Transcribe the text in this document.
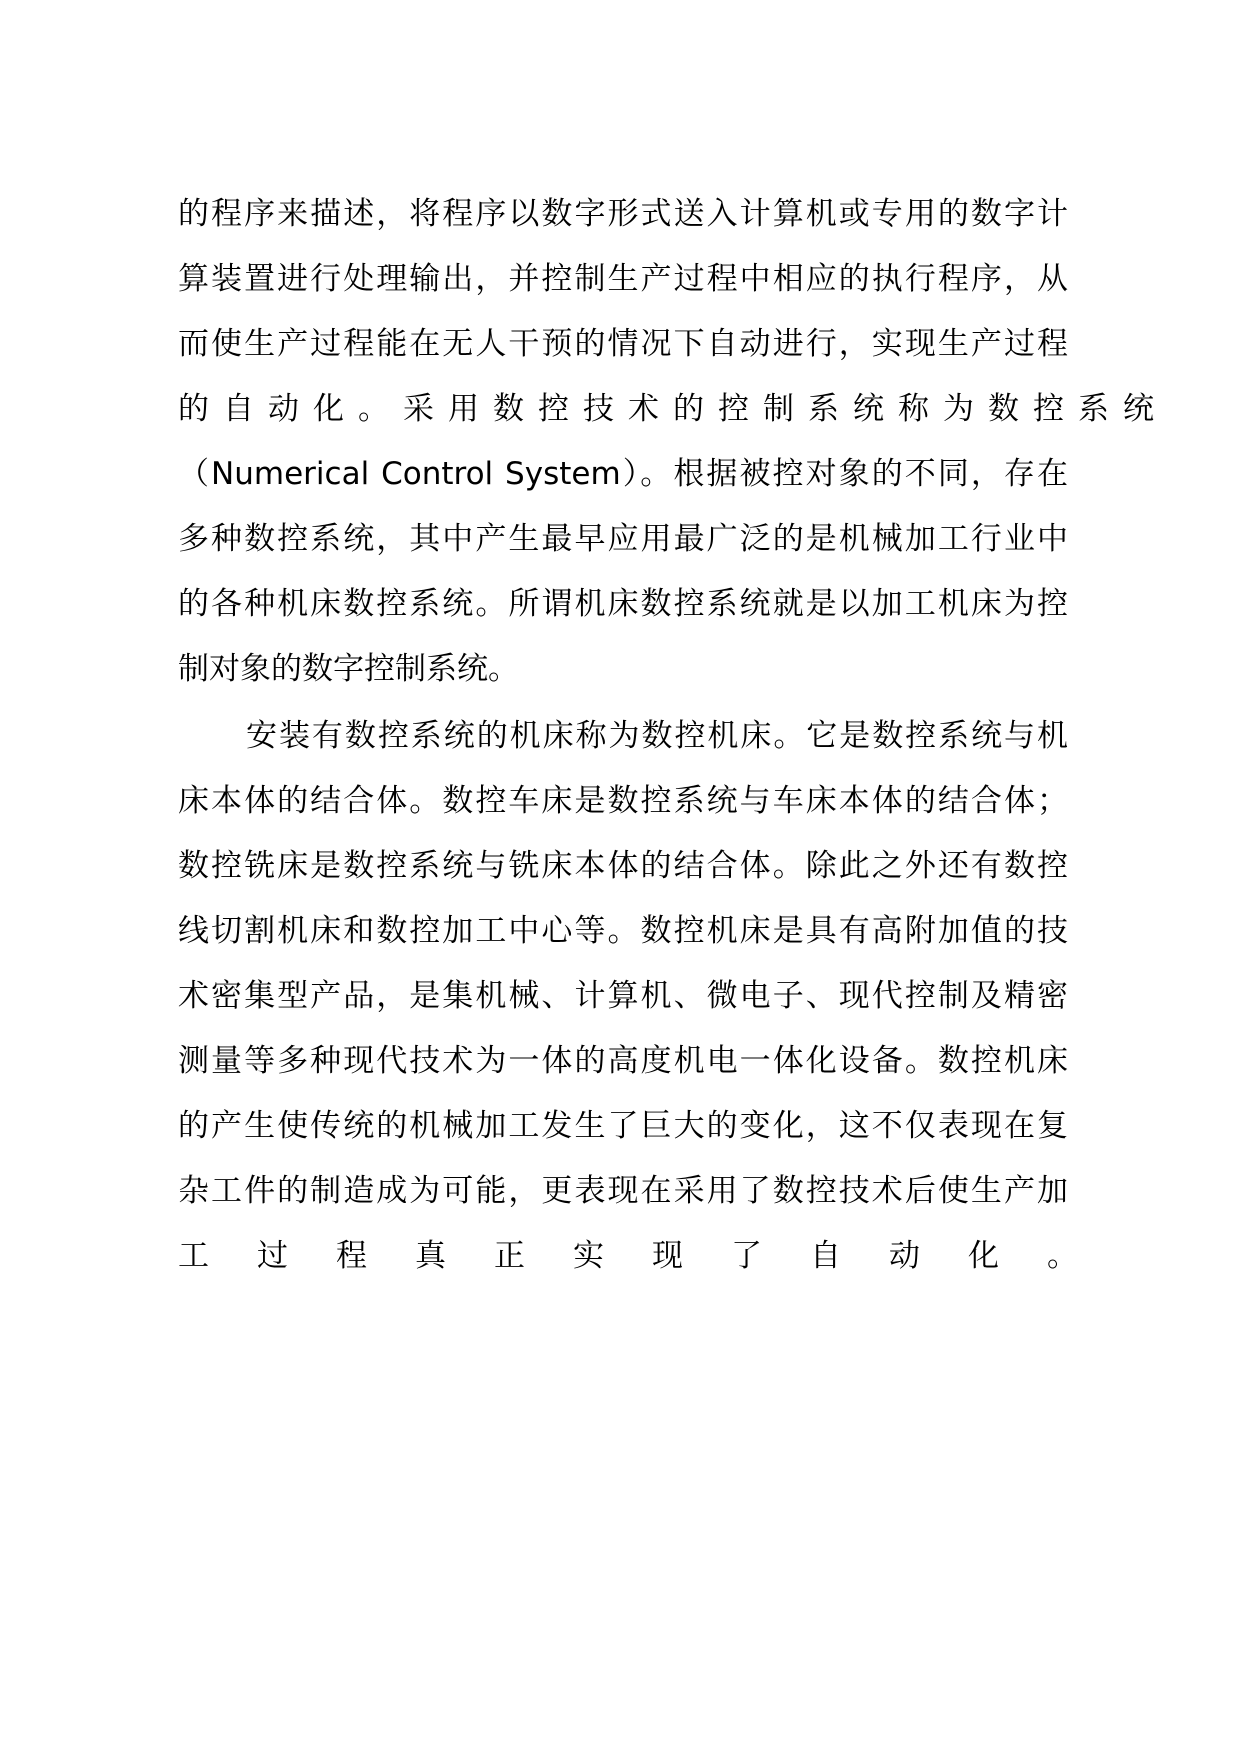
的程序来描述，将程序以数字形式送入计算机或专用的数字计
算装置进行处理输出，并控制生产过程中相应的执行程序，从
而使生产过程能在无人干预的情况下自动进行，实现生产过程
的自动化。采用数控技术的控制系统称为数控系统
（Numerical Control System）。根据被控对象的不同，存在
多种数控系统，其中产生最早应用最广泛的是机械加工行业中
的各种机床数控系统。所谓机床数控系统就是以加工机床为控
制对象的数字控制系统。
安装有数控系统的机床称为数控机床。它是数控系统与机
床本体的结合体。数控车床是数控系统与车床本体的结合体；
数控铣床是数控系统与铣床本体的结合体。除此之外还有数控
线切割机床和数控加工中心等。数控机床是具有高附加值的技
术密集型产品，是集机械、计算机、微电子、现代控制及精密
测量等多种现代技术为一体的高度机电一体化设备。数控机床
的产生使传统的机械加工发生了巨大的变化，这不仅表现在复
杂工件的制造成为可能，更表现在采用了数控技术后使生产加
工过程真正实现了自动化。
